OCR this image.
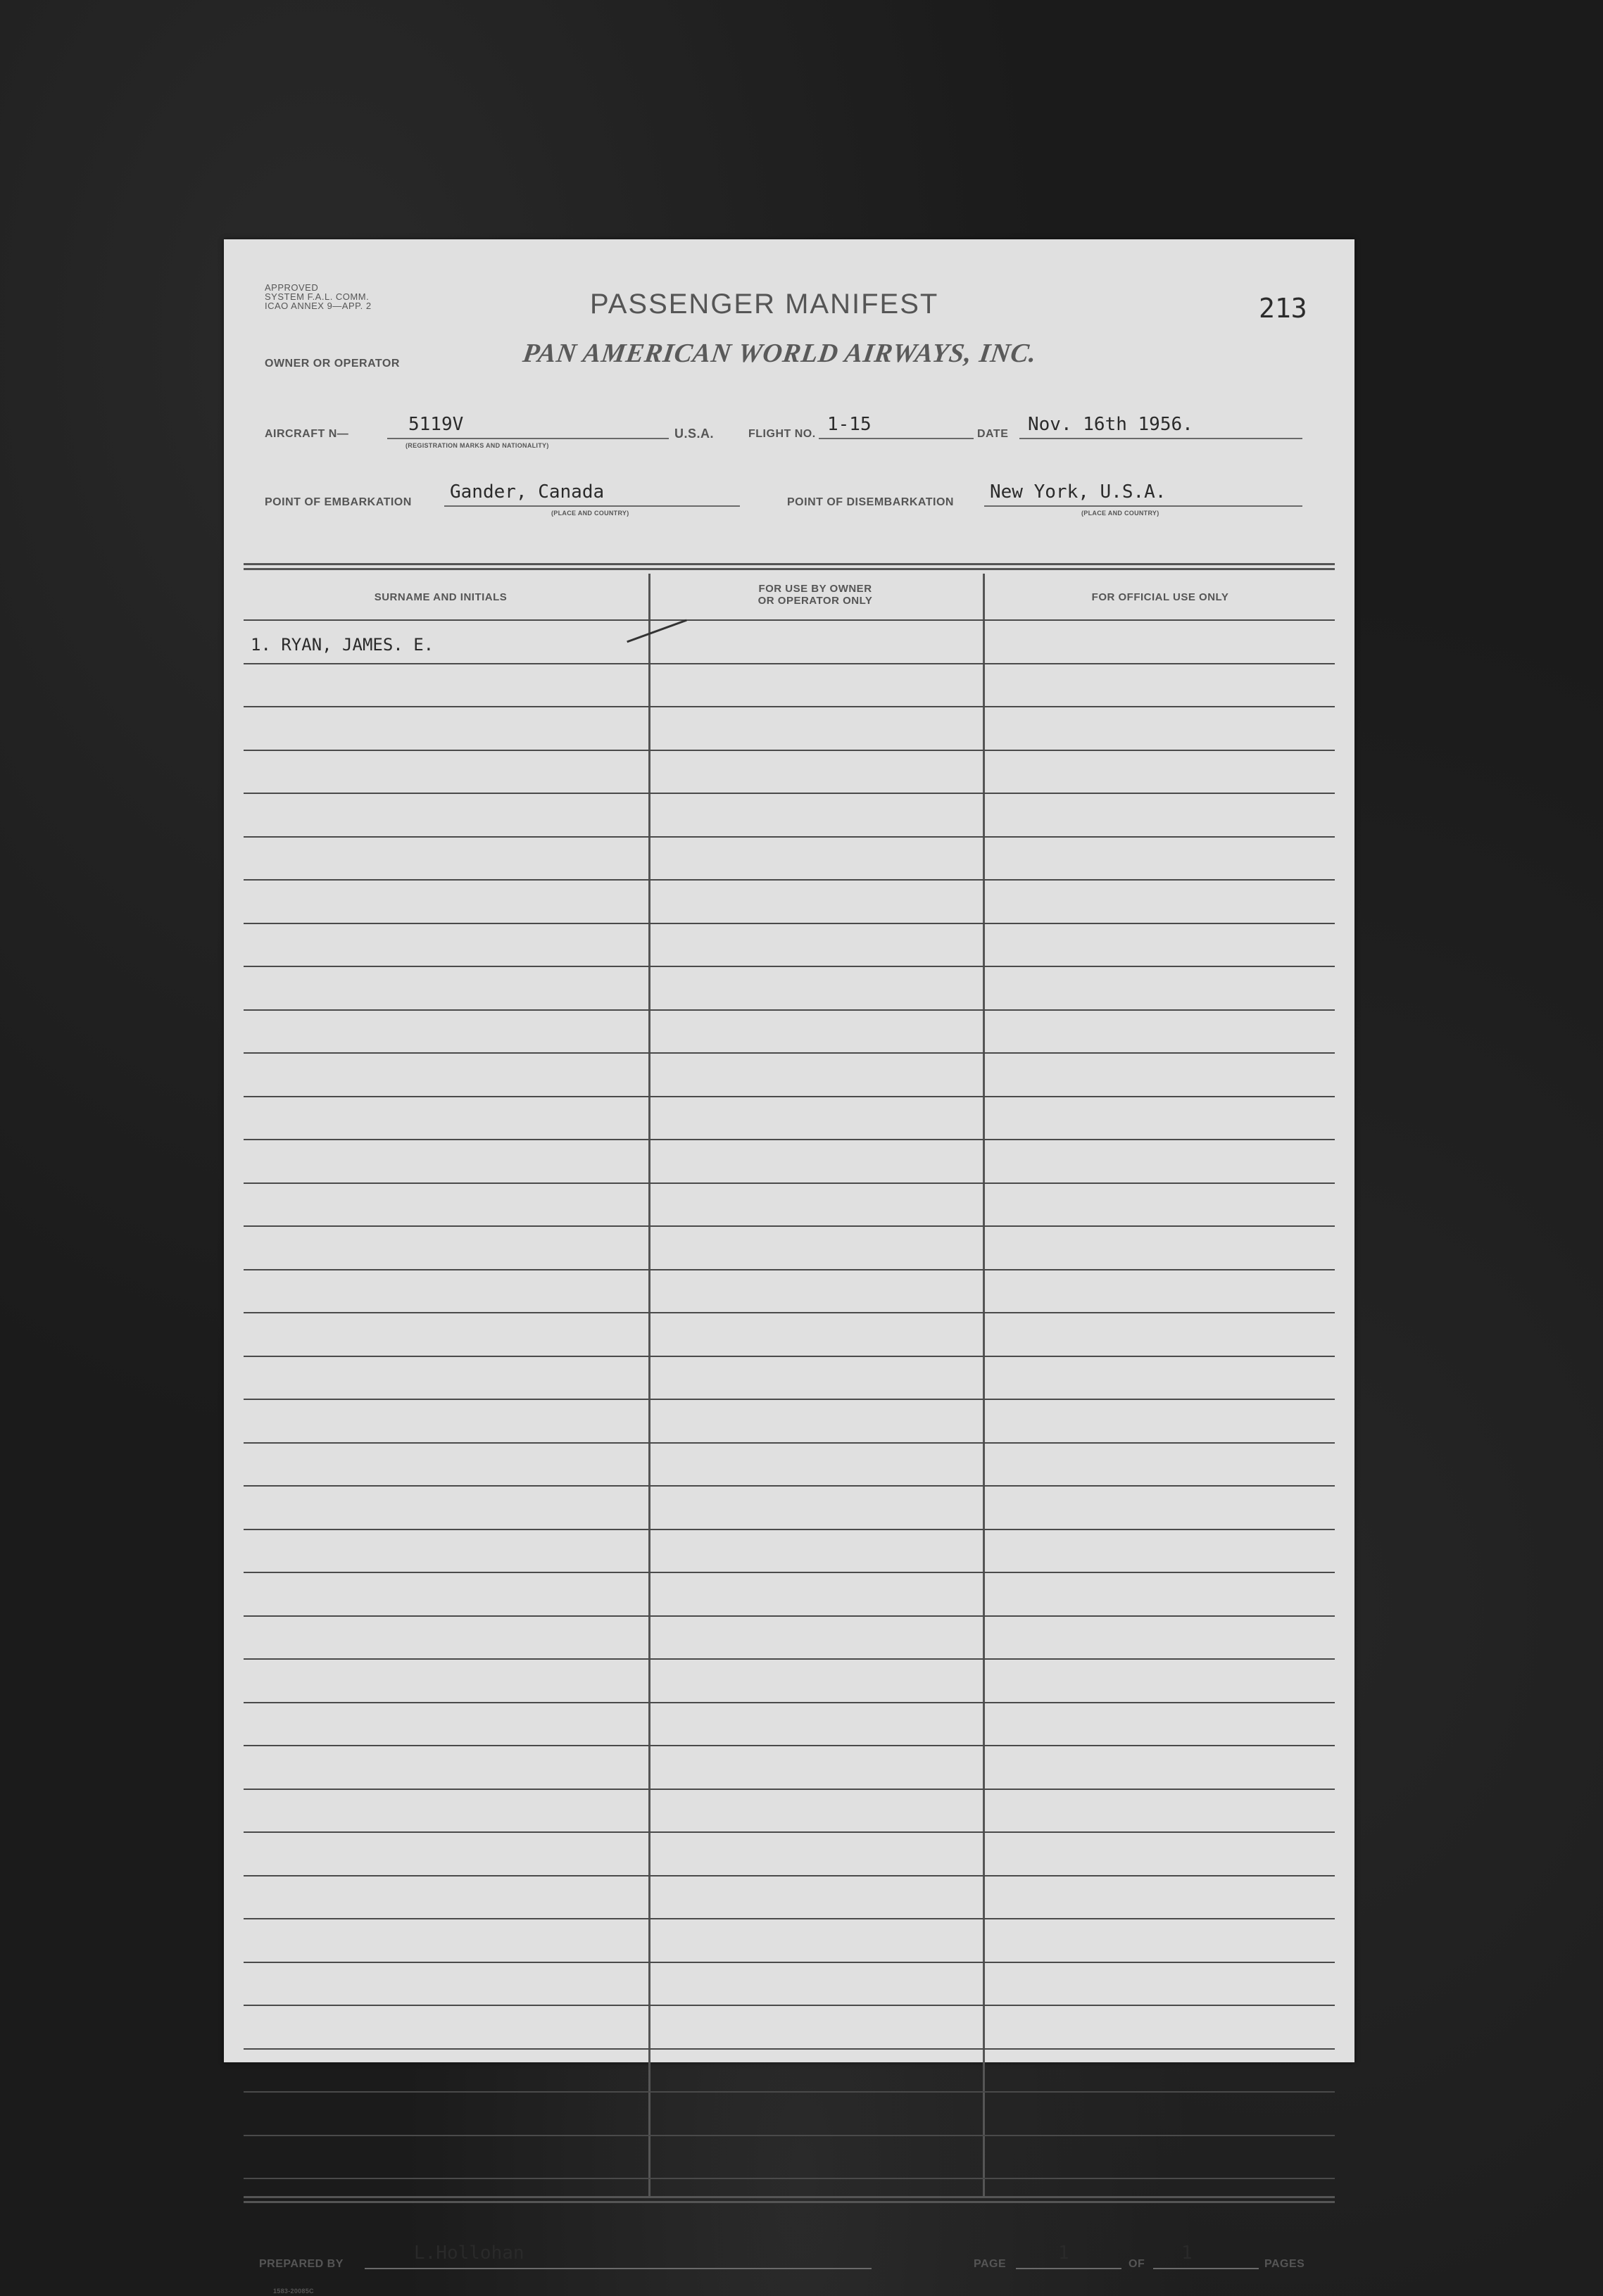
APPROVED
SYSTEM F.A.L. COMM.
ICAO ANNEX 9—APP. 2	PASSENGER MANIFEST	213
OWNER OR OPERATOR	PAN AMERICAN WORLD AIRWAYS, INC.
AIRCRAFT N—	5119V
(REGISTRATION MARKS AND NATIONALITY)
U.S.A.	FLIGHT NO. 1-15	DATE Nov. 16th 1956.
POINT OF EMBARKATION Gander, Canada
(PLACE AND COUNTRY)
POINT OF DISEMBARKATION New York, U.S.A.
(PLACE AND COUNTRY)
SURNAME AND INITIALS
FOR USE BY OWNER
OR OPERATOR ONLY	FOR OFFICIAL USE ONLY
1. RYAN, JAMES. E.
PREPARED BY
L.Hollohan
PAGE
1
OF
1
PAGES
1583-20085C
